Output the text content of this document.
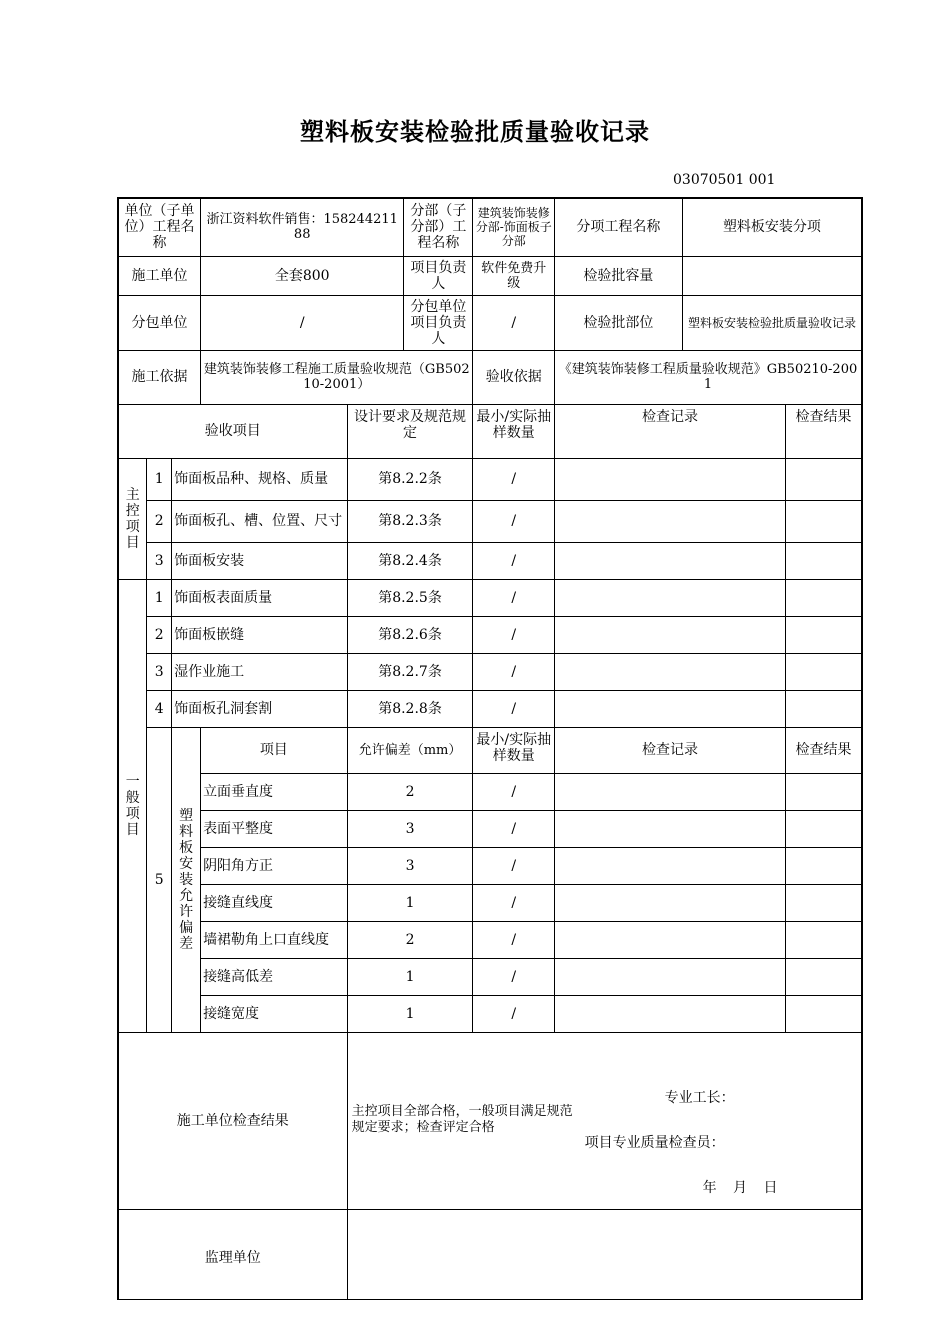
塑料板安装检验批质量验收记录
03070501 001
单位（子单位）工程名称			浙江资料软件销售：15824421188		分部（子分部）工程名称	建筑装饰装修分部-饰面板子分部	分项工程名称	塑料板安装分项	
施工单位			全套800		项目负责人	软件免费升级	检验批容量		
分包单位			/		分包单位项目负责人	/	检验批部位	塑料板安装检验批质量验收记录	
施工依据			建筑装饰装修工程施工质量验收规范（GB50210-2001）			验收依据	《建筑装饰装修工程质量验收规范》GB50210-2001		
验收项目				设计要求及规范规定		最小/实际抽样数量	检查记录		检查结果

主控项目	1	饰面板品种、规格、质量		第8.2.2条		/			
	2	饰面板孔、槽、位置、尺寸		第8.2.3条		/			
	3	饰面板安装		第8.2.4条		/			

一般项目	1	饰面板表面质量		第8.2.5条		/			
	2	饰面板嵌缝		第8.2.6条		/			
	3	湿作业施工		第8.2.7条		/			
	4	饰面板孔洞套割		第8.2.8条		/			
	5	塑料板安装允许偏差	项目	允许偏差（mm）		最小/实际抽样数量	检查记录		检查结果
			立面垂直度	2		/			
			表面平整度	3		/			
			阴阳角方正	3		/			
			接缝直线度	1		/			
			墙裙勒角上口直线度	2		/			
			接缝高低差	1		/			
			接缝宽度	1		/			
施工单位检查结果				主控项目全部合格，一般项目满足规范规定要求；检查评定合格
专业工长：
项目专业质量检查员：
年 月 日					

监理单位									
